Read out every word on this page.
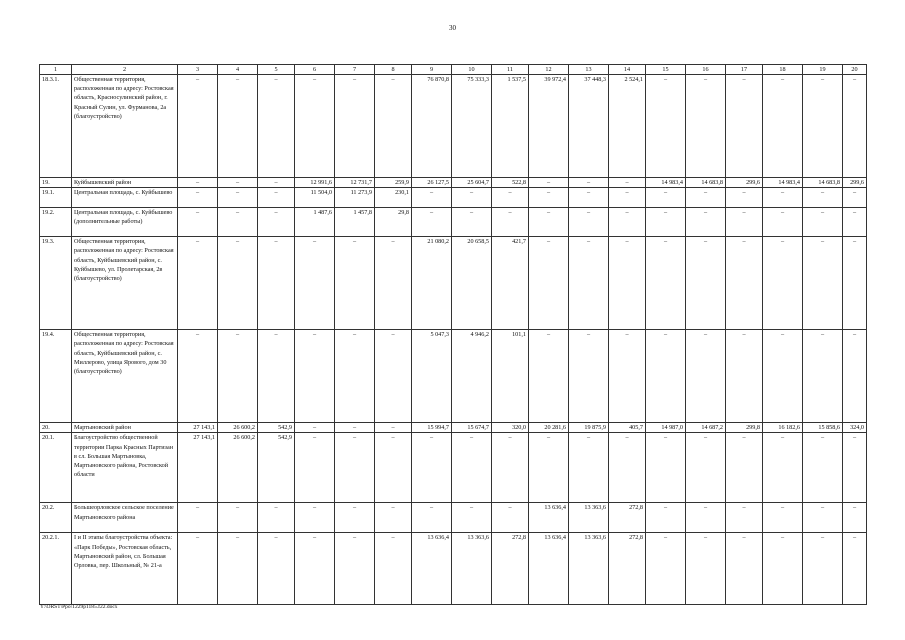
30
1	2	3	4	5	6	7	8	9	10	11	12	13	14	15	16	17	18	19	20
18.3.1.	Общественная территория, расположенная по адресу: Ростовская область, Красносулинский район, г. Красный Сулин, ул. Фурманова, 2а (благоустройство)	–	–	–	–	–	–	76 870,8	75 333,3	1 537,5	39 972,4	37 448,3	2 524,1	–	–	–	–	–	–
19.	Куйбышевский район	–	–	–	12 991,6	12 731,7	259,9	26 127,5	25 604,7	522,8	–	–	–	14 983,4	14 683,8	299,6	14 983,4	14 683,8	299,6
19.1.	Центральная площадь, с. Куйбышево	–	–	–	11 504,0	11 273,9	230,1	–	–	–	–	–	–	–	–	–	–	–	–
19.2.	Центральная площадь, с. Куйбышево (дополнительные работы)	–	–	–	1 487,6	1 457,8	29,8	–	–	–	–	–	–	–	–	–	–	–	–
19.3.	Общественная территория, расположенная по адресу: Ростовская область, Куйбышевский район, с. Куйбышево, ул. Пролетарская, 2в (благоустройство)	–	–	–	–	–	–	21 080,2	20 658,5	421,7	–	–	–	–	–	–	–	–	–
19.4.	Общественная территория, расположенная по адресу: Ростовская область, Куйбышевский район, с. Миллерово, улица Ярового, дом 30 (благоустройство)	–	–	–	–	–	–	5 047,3	4 946,2	101,1	–	–	–	–	–	–	–	–	–
20.	Мартыновский район	27 143,1	26 600,2	542,9	–	–	–	15 994,7	15 674,7	320,0	20 281,6	19 875,9	405,7	14 987,0	14 687,2	299,8	16 182,6	15 858,6	324,0
20.1.	Благоустройство общественной территории Парка Красных Партизан в сл. Большая Мартыновка, Мартыновского района, Ростовской области	27 143,1	26 600,2	542,9	–	–	–	–	–	–	–	–	–	–	–	–	–	–	–
20.2.	Большеорловское сельское поселение Мартыновского района	–	–	–	–	–	–	–	–	–	13 636,4	13 363,6	272,8	–	–	–	–	–	–
20.2.1.	I и II этапы благоустройства объекта: «Парк Победы», Ростовская область, Мартыновский район, сл. Большая Орловка, пер. Школьный, № 21-а	–	–	–	–	–	–	13 636,4	13 363,6	272,8	13 636,4	13 363,6	272,8	–	–	–	–	–	–
Y:\ORST\Ppo\1229p1185.f22.docx
